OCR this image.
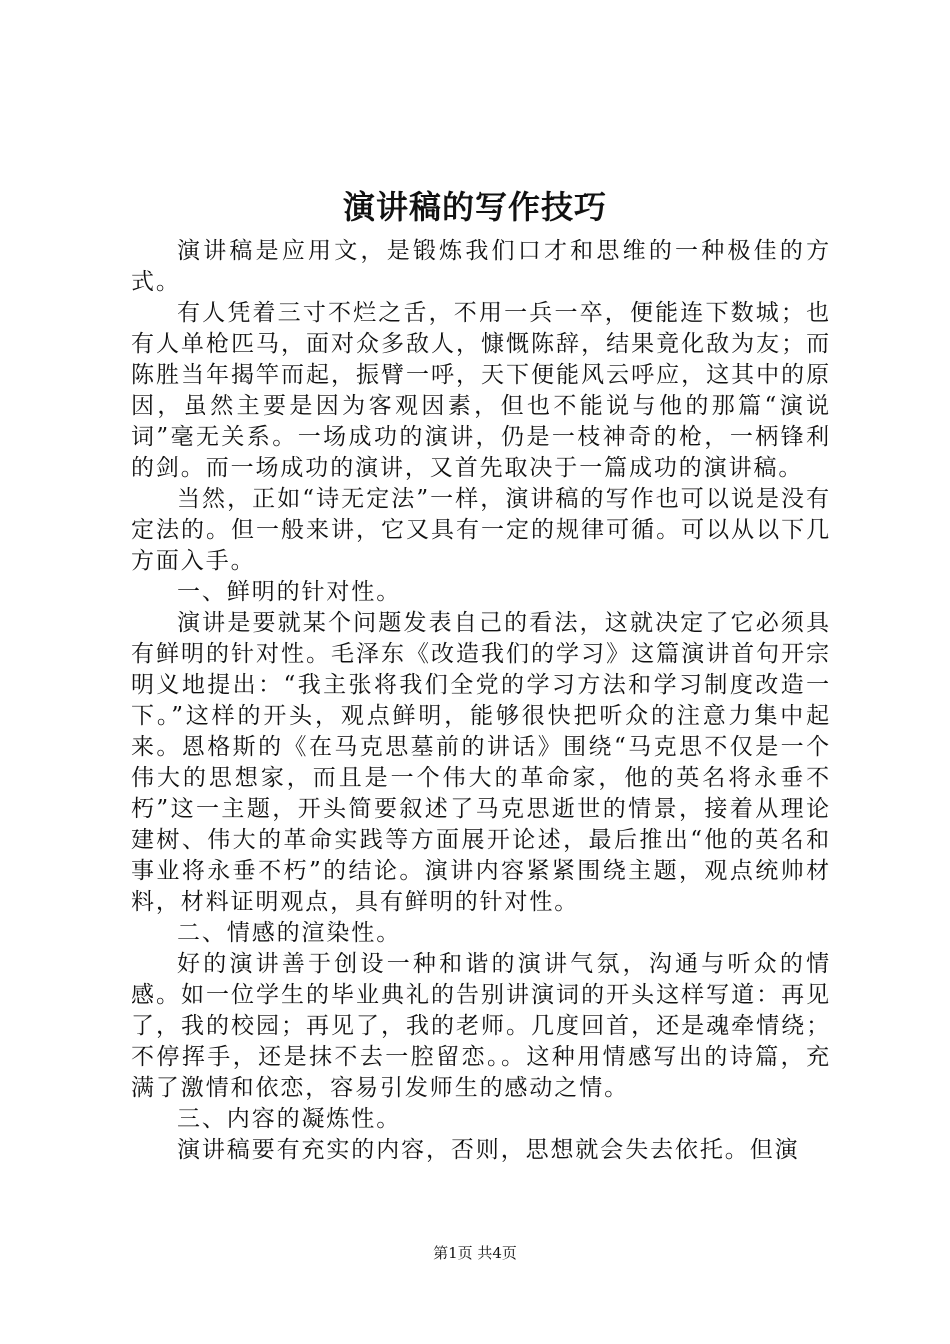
演讲稿的写作技巧

演讲稿是应用文，是锻炼我们口才和思维的一种极佳的方式。

有人凭着三寸不烂之舌，不用一兵一卒，便能连下数城；也有人单枪匹马，面对众多敌人，慷慨陈辞，结果竟化敌为友；而陈胜当年揭竿而起，振臂一呼，天下便能风云呼应，这其中的原因，虽然主要是因为客观因素，但也不能说与他的那篇“演说词”毫无关系。一场成功的演讲，仍是一枝神奇的枪，一柄锋利的剑。而一场成功的演讲，又首先取决于一篇成功的演讲稿。

当然，正如“诗无定法”一样，演讲稿的写作也可以说是没有定法的。但一般来讲，它又具有一定的规律可循。可以从以下几方面入手。

一、鲜明的针对性。

演讲是要就某个问题发表自己的看法，这就决定了它必须具有鲜明的针对性。毛泽东《改造我们的学习》这篇演讲首句开宗明义地提出：“我主张将我们全党的学习方法和学习制度改造一下。”这样的开头，观点鲜明，能够很快把听众的注意力集中起来。恩格斯的《在马克思墓前的讲话》围绕“马克思不仅是一个伟大的思想家，而且是一个伟大的革命家，他的英名将永垂不朽”这一主题，开头简要叙述了马克思逝世的情景，接着从理论建树、伟大的革命实践等方面展开论述，最后推出“他的英名和事业将永垂不朽”的结论。演讲内容紧紧围绕主题，观点统帅材料，材料证明观点，具有鲜明的针对性。

二、情感的渲染性。

好的演讲善于创设一种和谐的演讲气氛，沟通与听众的情感。如一位学生的毕业典礼的告别讲演词的开头这样写道：再见了，我的校园；再见了，我的老师。几度回首，还是魂牵情绕；不停挥手，还是抹不去一腔留恋。。这种用情感写出的诗篇，充满了激情和依恋，容易引发师生的感动之情。

三、内容的凝炼性。

演讲稿要有充实的内容，否则，思想就会失去依托。但演

第1页 共4页
